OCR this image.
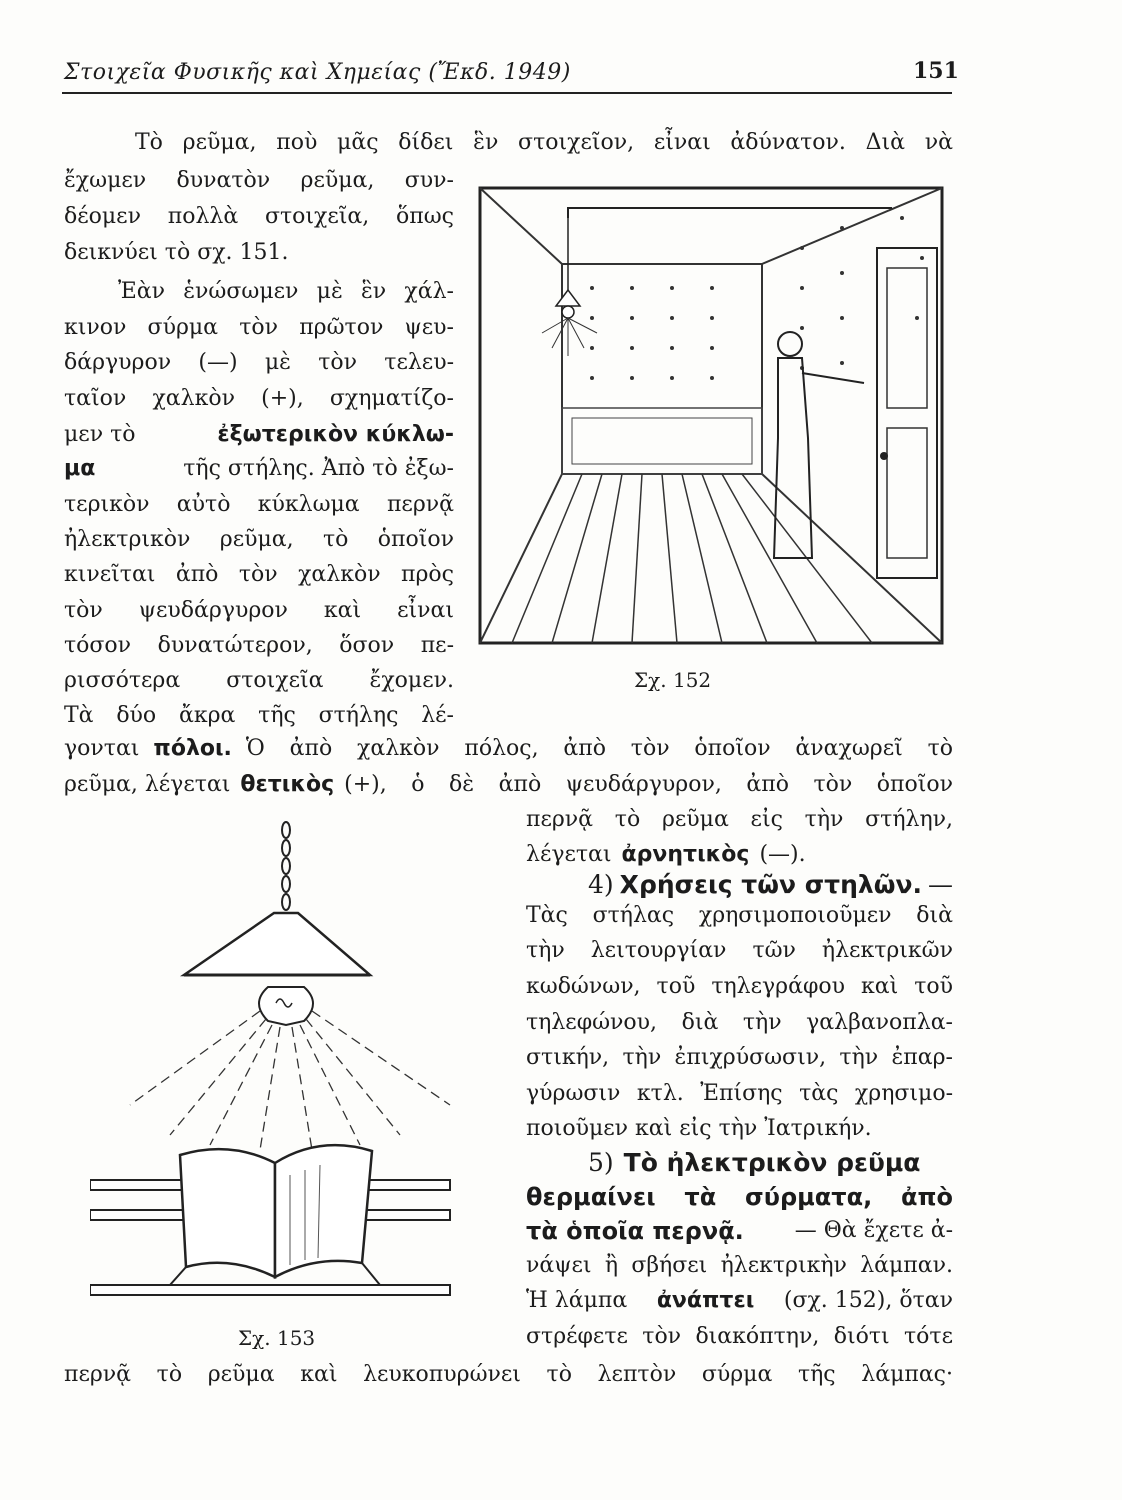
Στοιχεῖα Φυσικῆς καὶ Χημείας (Ἔκδ. 1949)	151
Τὸ ρεῦμα, ποὺ μᾶς δίδει ἓν στοιχεῖον, εἶναι ἀδύνατον. Διὰ νὰ
ἔχωμεν δυνατὸν ρεῦμα, συν-
δέομεν πολλὰ στοιχεῖα, ὅπως
δεικνύει τὸ σχ. 151.
Ἐὰν ἑνώσωμεν μὲ ἓν χάλ-
κινον σύρμα τὸν πρῶτον ψευ-
δάργυρον (—) μὲ τὸν τελευ-
ταῖον χαλκὸν (+), σχηματίζο-
μεν τὸ	ἐξωτερικὸν κύκλω-
μα	τῆς στήλης. Ἀπὸ τὸ ἐξω-
τερικὸν αὐτὸ κύκλωμα περνᾷ
ἠλεκτρικὸν ρεῦμα, τὸ ὁποῖον
κινεῖται ἀπὸ τὸν χαλκὸν πρὸς
τὸν ψευδάργυρον καὶ εἶναι
τόσον δυνατώτερον, ὅσον πε-
ρισσότερα στοιχεῖα ἔχομεν.
Τὰ δύο ἄκρα τῆς στήλης λέ-
γονται πόλοι. Ὁ ἀπὸ χαλκὸν πόλος, ἀπὸ τὸν ὁποῖον ἀναχωρεῖ τὸ
ρεῦμα, λέγεται θετικὸς (+), ὁ δὲ ἀπὸ ψευδάργυρον, ἀπὸ τὸν ὁποῖον
περνᾷ τὸ ρεῦμα εἰς τὴν στήλην,
λέγεται ἀρνητικὸς (—).
4) Χρήσεις τῶν στηλῶν. —
Τὰς στήλας χρησιμοποιοῦμεν διὰ
τὴν λειτουργίαν τῶν ἠλεκτρικῶν
κωδώνων, τοῦ τηλεγράφου καὶ τοῦ
τηλεφώνου, διὰ τὴν γαλβανοπλα-
στικήν, τὴν ἐπιχρύσωσιν, τὴν ἐπαρ-
γύρωσιν κτλ. Ἐπίσης τὰς χρησιμο-
ποιοῦμεν καὶ εἰς τὴν Ἰατρικήν.
5) Τὸ ἠλεκτρικὸν ρεῦμα
θερμαίνει τὰ σύρματα, ἀπὸ
τὰ ὁποῖα περνᾷ. — Θὰ ἔχετε ἀ-
νάψει ἢ σβήσει ἠλεκτρικὴν λάμπαν.
Ἡ λάμπα ἀνάπτει (σχ. 152), ὅταν
στρέφετε τὸν διακόπτην, διότι τότε
περνᾷ τὸ ρεῦμα καὶ λευκοπυρώνει τὸ λεπτὸν σύρμα τῆς λάμπας·
Σχ. 152
Σχ. 153
